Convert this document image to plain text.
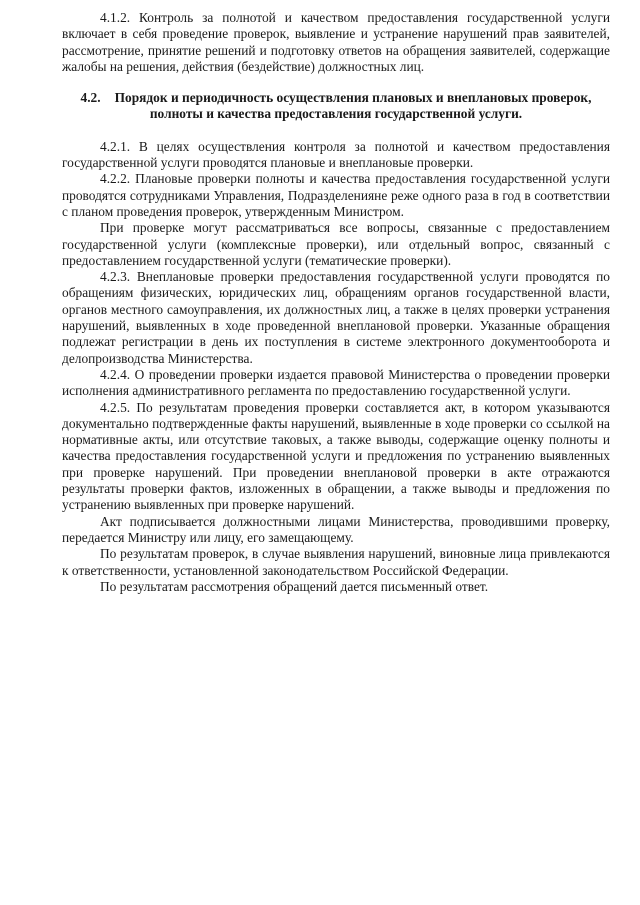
4.1.2. Контроль за полнотой и качеством предоставления государственной услуги включает в себя проведение проверок, выявление и устранение нарушений прав заявителей, рассмотрение, принятие решений и подготовку ответов на обращения заявителей, содержащие жалобы на решения, действия (бездействие) должностных лиц.

4.2. Порядок и периодичность осуществления плановых и внеплановых проверок, полноты и качества предоставления государственной услуги.

4.2.1. В целях осуществления контроля за полнотой и качеством предоставления государственной услуги проводятся плановые и внеплановые проверки.

4.2.2. Плановые проверки полноты и качества предоставления государственной услуги проводятся сотрудниками Управления, Подразделенияне реже одного раза в год в соответствии с планом проведения проверок, утвержденным Министром.

При проверке могут рассматриваться все вопросы, связанные с предоставлением государственной услуги (комплексные проверки), или отдельный вопрос, связанный с предоставлением государственной услуги (тематические проверки).

4.2.3. Внеплановые проверки предоставления государственной услуги проводятся по обращениям физических, юридических лиц, обращениям органов государственной власти, органов местного самоуправления, их должностных лиц, а также в целях проверки устранения нарушений, выявленных в ходе проведенной внеплановой проверки. Указанные обращения подлежат регистрации в день их поступления в системе электронного документооборота и делопроизводства Министерства.

4.2.4. О проведении проверки издается правовой Министерства о проведении проверки исполнения административного регламента по предоставлению государственной услуги.

4.2.5. По результатам проведения проверки составляется акт, в котором указываются документально подтвержденные факты нарушений, выявленные в ходе проверки со ссылкой на нормативные акты, или отсутствие таковых, а также выводы, содержащие оценку полноты и качества предоставления государственной услуги и предложения по устранению выявленных при проверке нарушений. При проведении внеплановой проверки в акте отражаются результаты проверки фактов, изложенных в обращении, а также выводы и предложения по устранению выявленных при проверке нарушений.

Акт подписывается должностными лицами Министерства, проводившими проверку, передается Министру или лицу, его замещающему.

По результатам проверок, в случае выявления нарушений, виновные лица привлекаются к ответственности, установленной законодательством Российской Федерации.

По результатам рассмотрения обращений дается письменный ответ.
